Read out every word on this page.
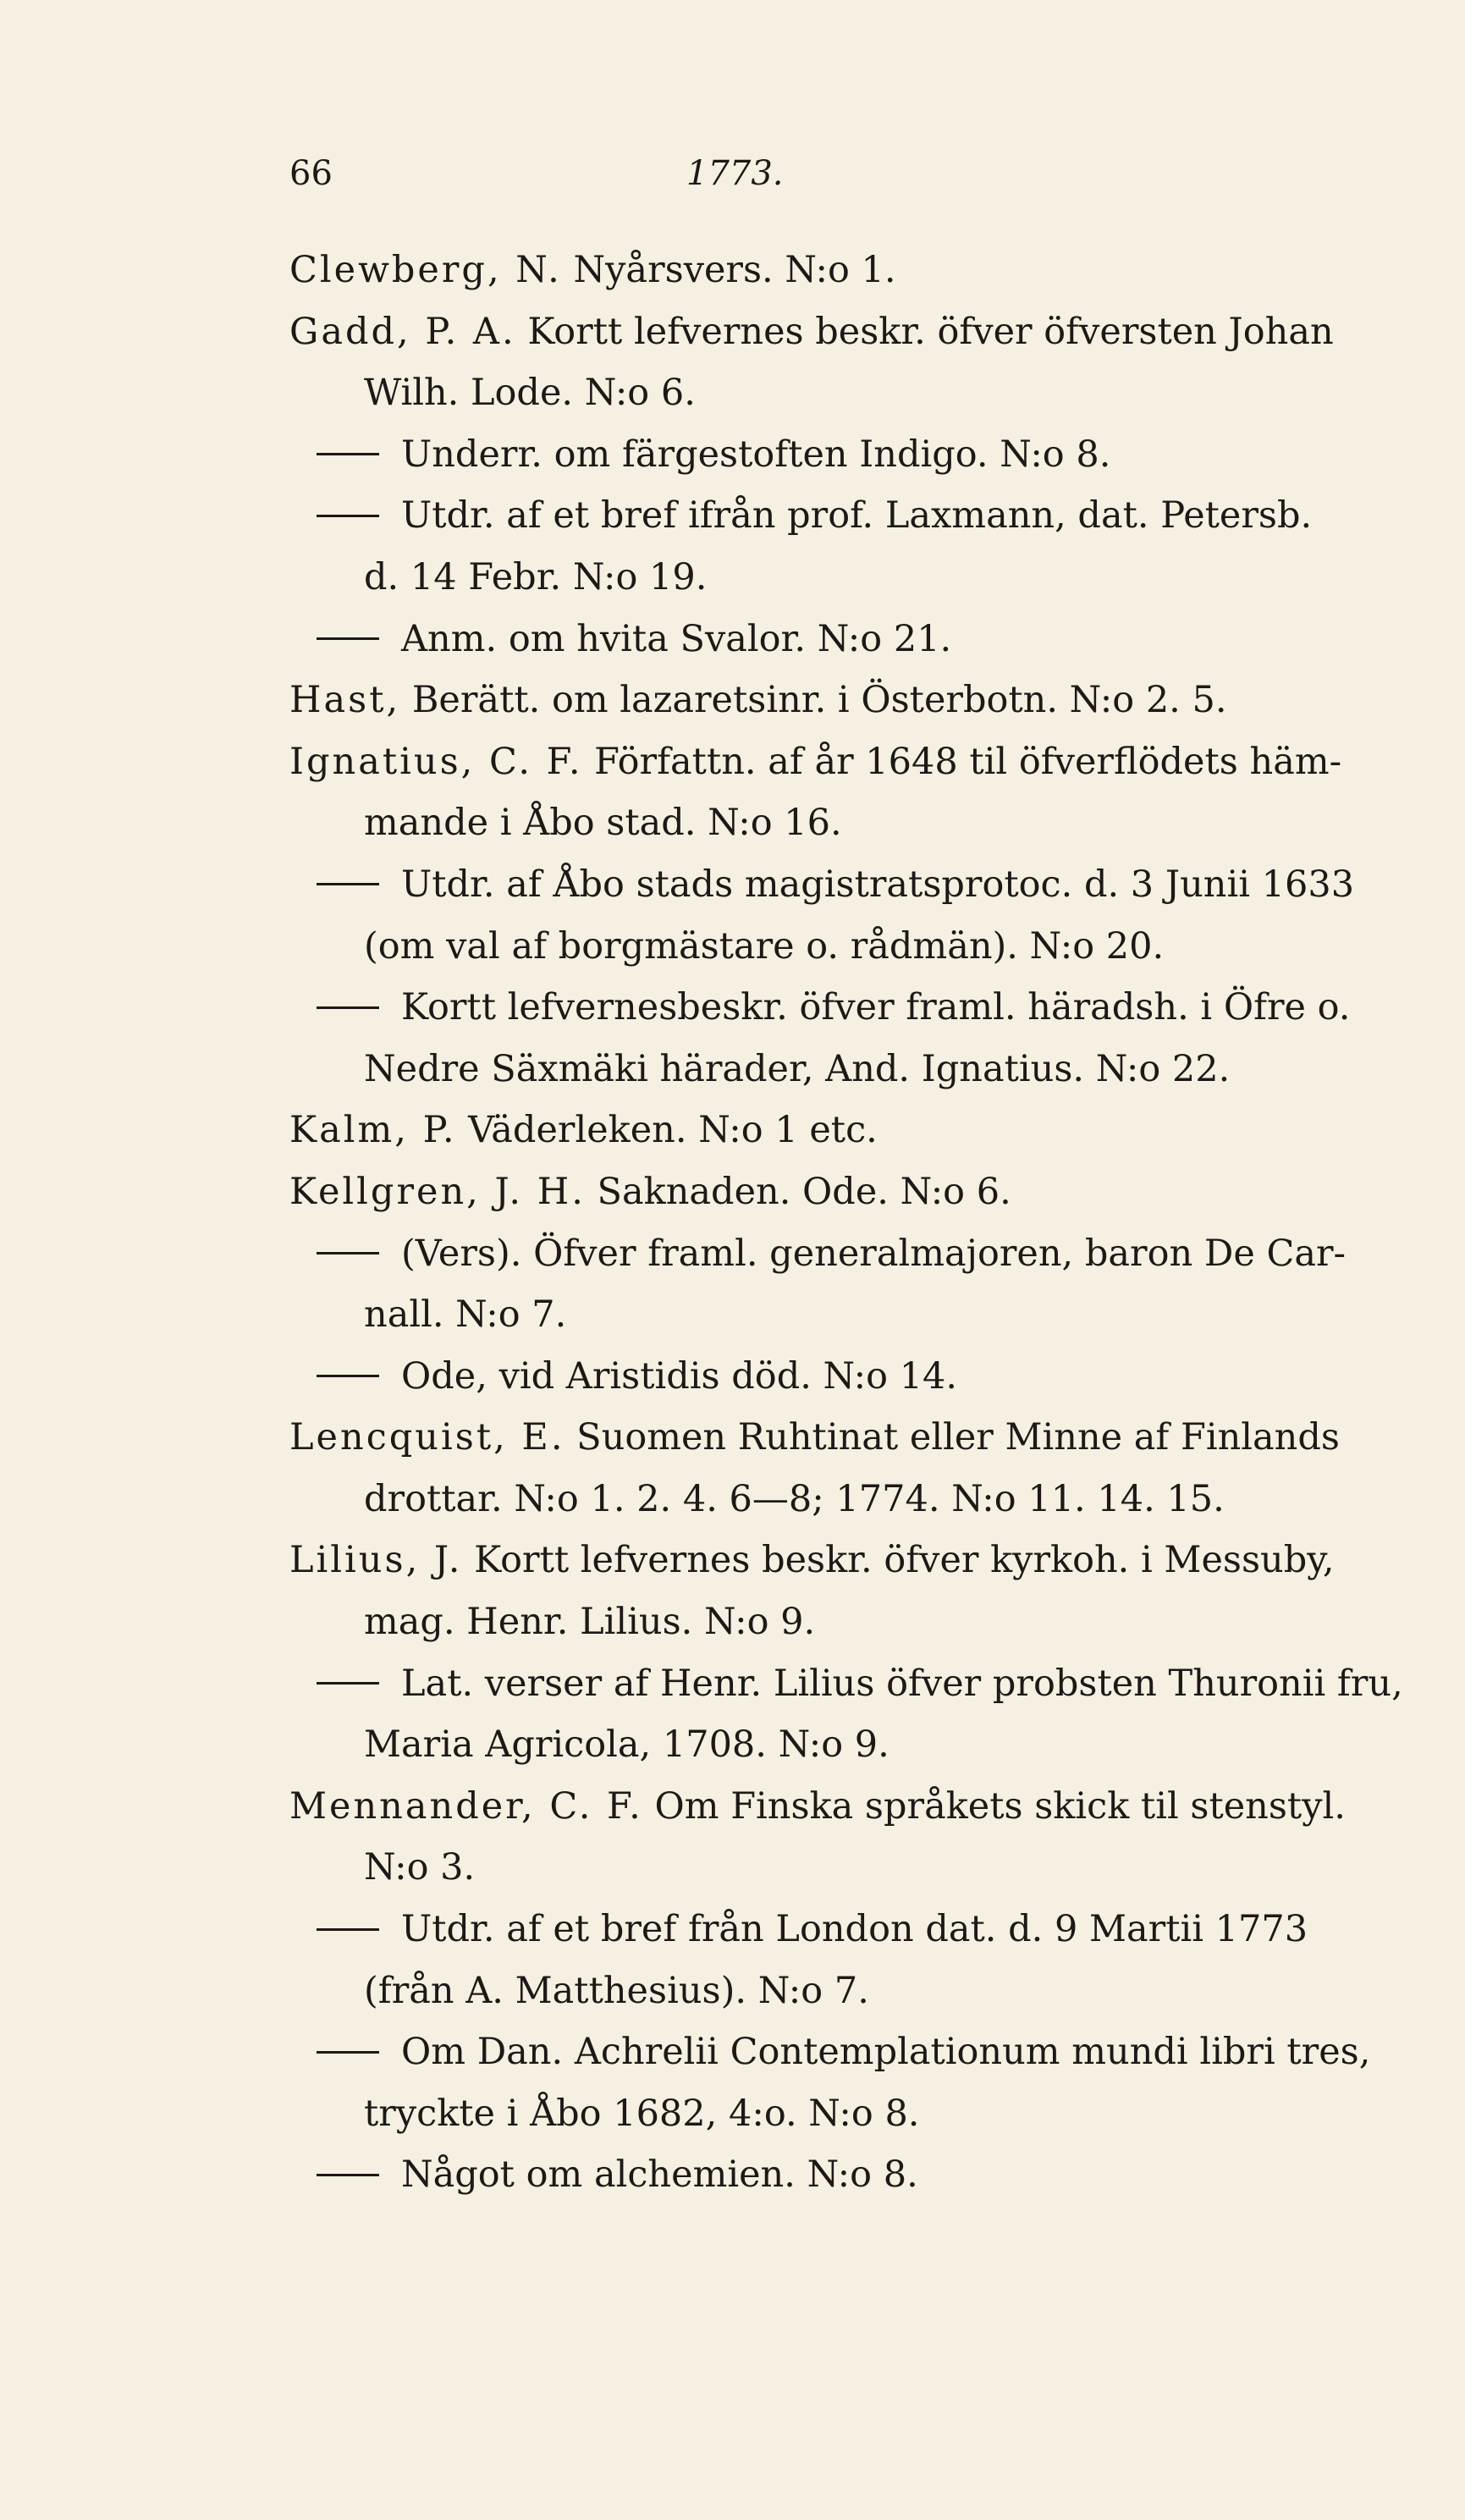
66	1773.
Clewberg, N. Nyårsvers. N:o 1.
Gadd, P. A. Kortt lefvernes beskr. öfver öfversten Johan
Wilh. Lode. N:o 6.
Underr. om färgestoften Indigo. N:o 8.
Utdr. af et bref ifrån prof. Laxmann, dat. Petersb.
d. 14 Febr. N:o 19.
Anm. om hvita Svalor. N:o 21.
Hast, Berätt. om lazaretsinr. i Österbotn. N:o 2. 5.
Ignatius, C. F. Författn. af år 1648 til öfverflödets häm-
mande i Åbo stad. N:o 16.
Utdr. af Åbo stads magistratsprotoc. d. 3 Junii 1633
(om val af borgmästare o. rådmän). N:o 20.
Kortt lefvernesbeskr. öfver framl. häradsh. i Öfre o.
Nedre Säxmäki härader, And. Ignatius. N:o 22.
Kalm, P. Väderleken. N:o 1 etc.
Kellgren, J. H. Saknaden. Ode. N:o 6.
(Vers). Öfver framl. generalmajoren, baron De Car-
nall. N:o 7.
Ode, vid Aristidis död. N:o 14.
Lencquist, E. Suomen Ruhtinat eller Minne af Finlands
drottar. N:o 1. 2. 4. 6—8; 1774. N:o 11. 14. 15.
Lilius, J. Kortt lefvernes beskr. öfver kyrkoh. i Messuby,
mag. Henr. Lilius. N:o 9.
Lat. verser af Henr. Lilius öfver probsten Thuronii fru,
Maria Agricola, 1708. N:o 9.
Mennander, C. F. Om Finska språkets skick til stenstyl.
N:o 3.
Utdr. af et bref från London dat. d. 9 Martii 1773
(från A. Matthesius). N:o 7.
Om Dan. Achrelii Contemplationum mundi libri tres,
tryckte i Åbo 1682, 4:o. N:o 8.
Något om alchemien. N:o 8.
